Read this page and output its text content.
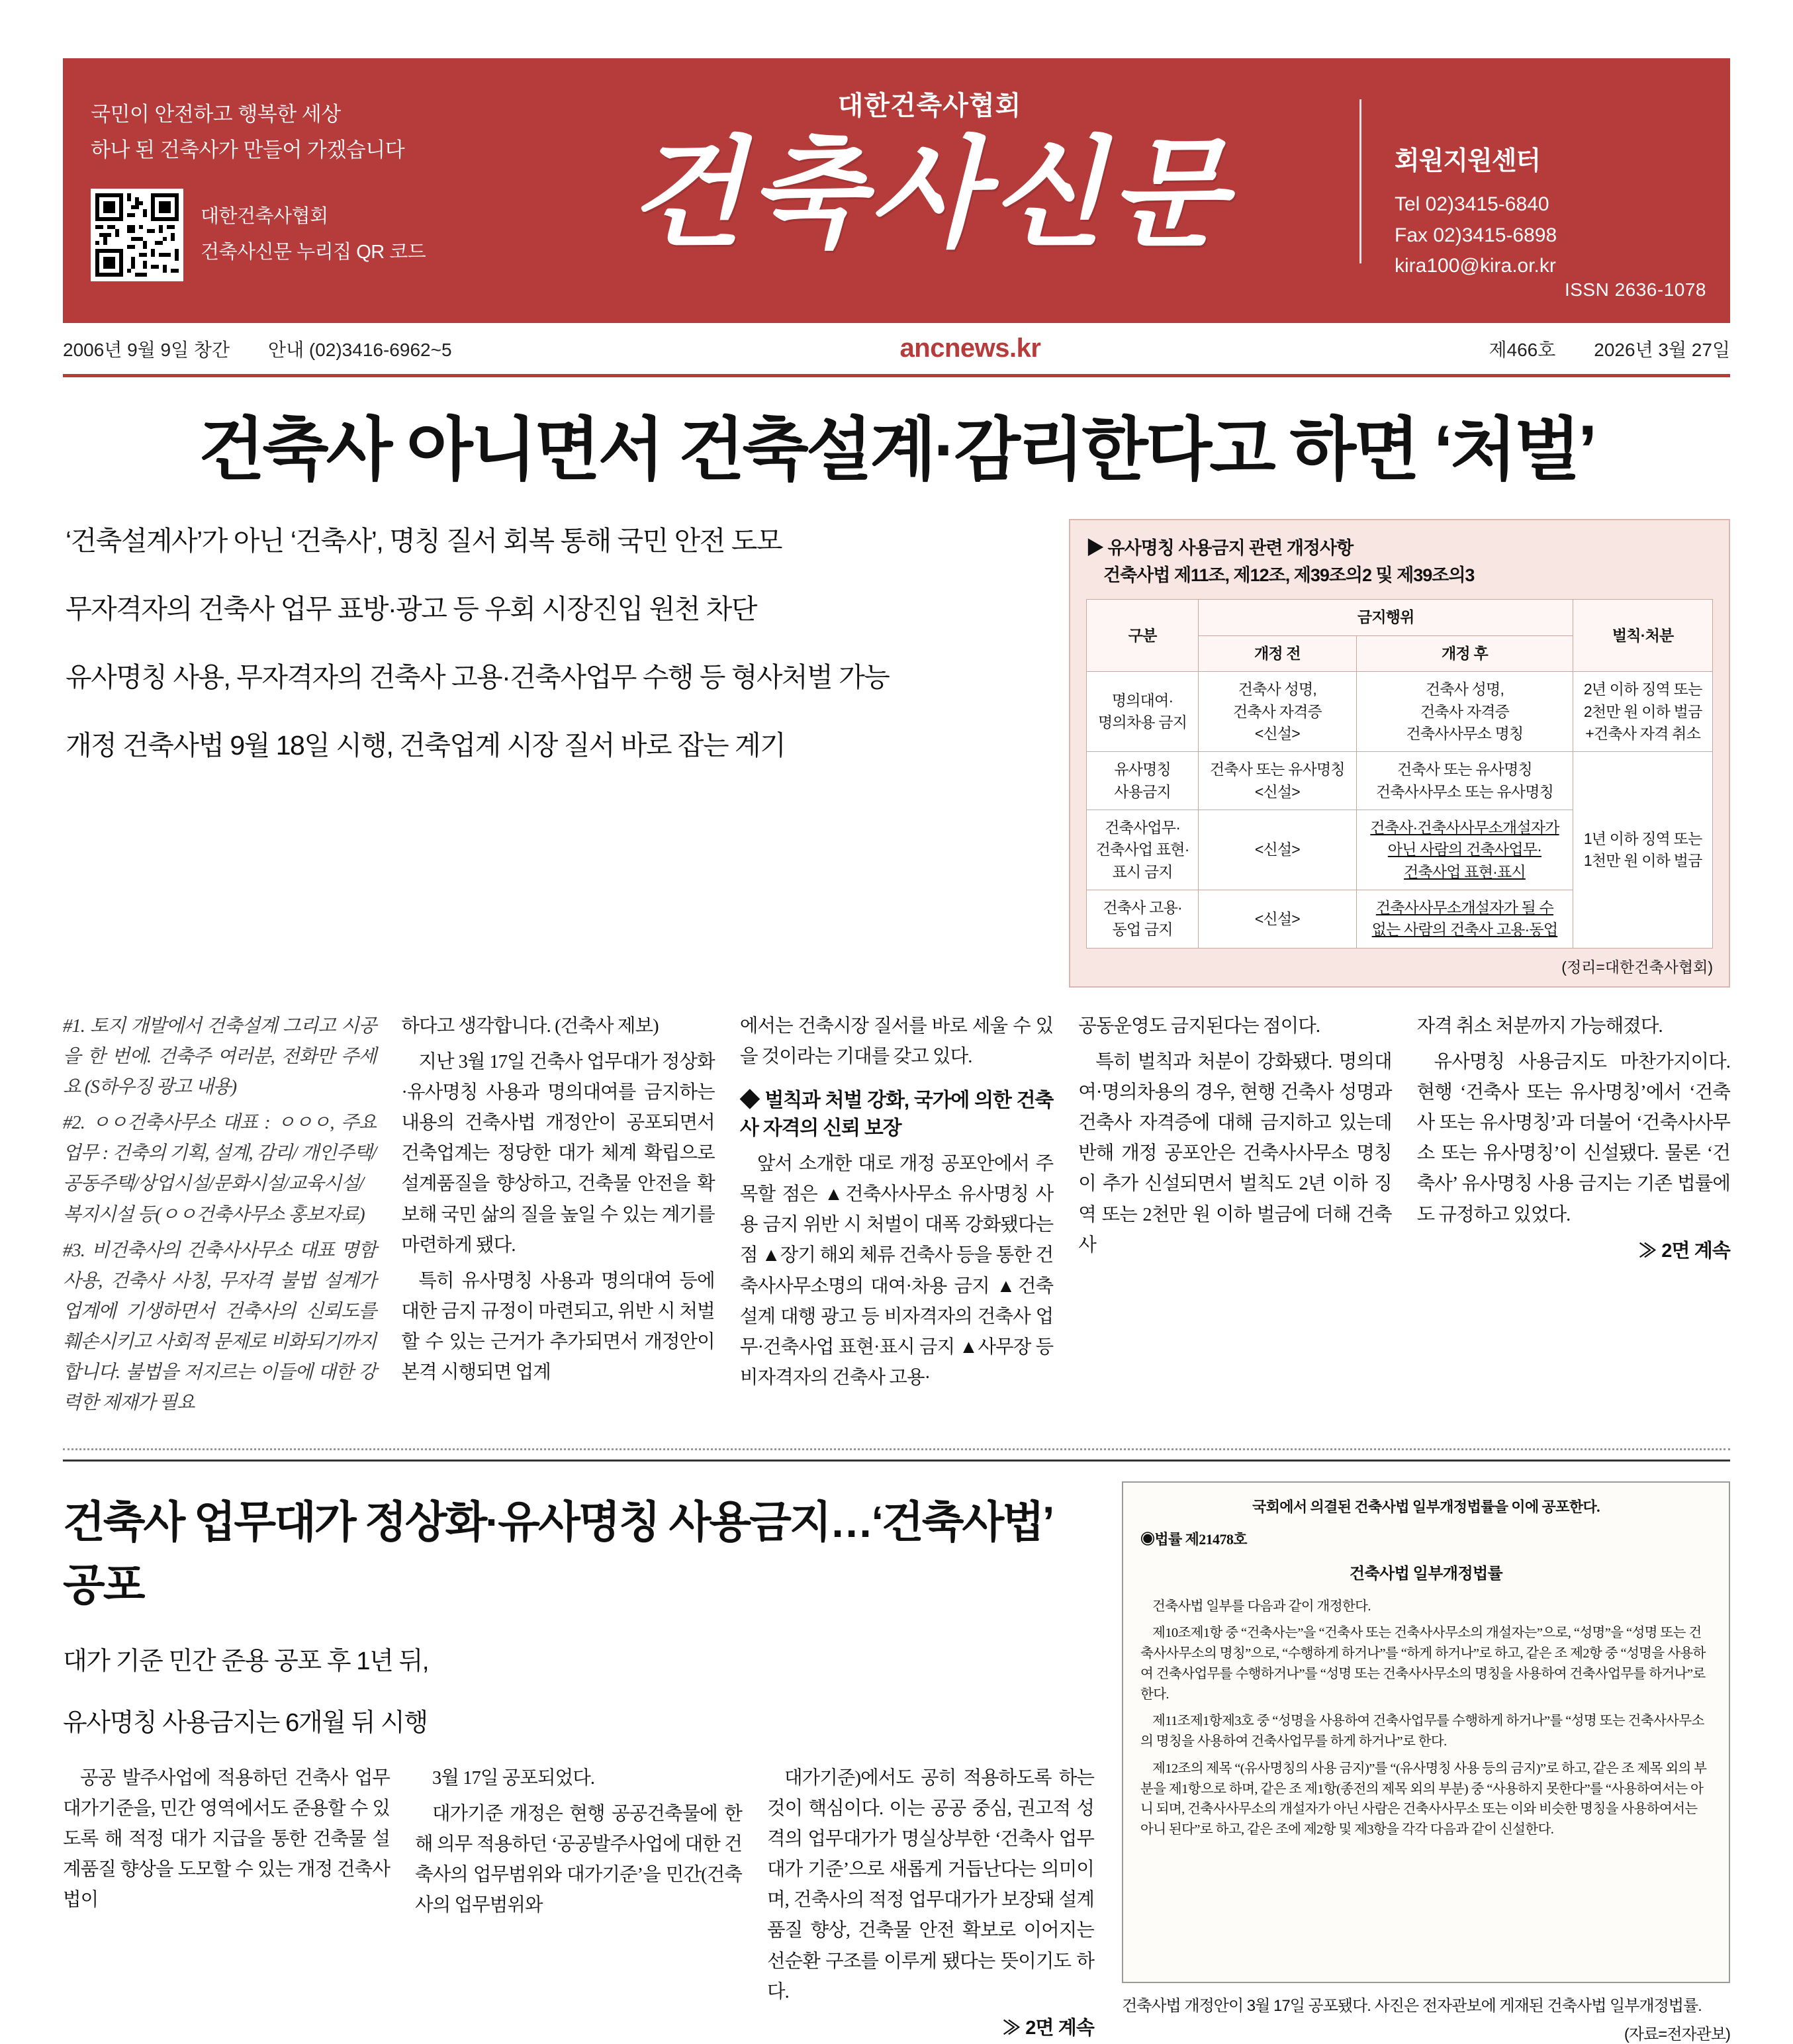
국민이 안전하고 행복한 세상
하나 된 건축사가 만들어 가겠습니다
대한건축사협회
건축사신문 누리집 QR 코드
대한건축사협회
건축사신문	회원지원센터

Tel 02)3415-6840

Fax 02)3415-6898

kira100@kira.or.kr

ISSN 2636-1078
2006년 9월 9일 창간 안내 (02)3416-6962~5	ancnews.kr	제466호 2026년 3월 27일
건축사 아니면서 건축설계·감리한다고 하면 ‘처벌’

‘건축설계사’가 아닌 ‘건축사’, 명칭 질서 회복 통해 국민 안전 도모

무자격자의 건축사 업무 표방·광고 등 우회 시장진입 원천 차단

유사명칭 사용, 무자격자의 건축사 고용·건축사업무 수행 등 형사처벌 가능

개정 건축사법 9월 18일 시행, 건축업계 시장 질서 바로 잡는 계기

▶ 유사명칭 사용금지 관련 개정사항
건축사법 제11조, 제12조, 제39조의2 및 제39조의3
구분	금지행위		벌칙·처분
	개정 전	개정 후	
명의대여·
명의차용 금지	건축사 성명,
건축사 자격증
<신설>	건축사 성명,
건축사 자격증
건축사사무소 명칭	2년 이하 징역 또는
2천만 원 이하 벌금
+건축사 자격 취소
유사명칭
사용금지	건축사 또는 유사명칭
<신설>	건축사 또는 유사명칭
건축사사무소 또는 유사명칭	1년 이하 징역 또는
1천만 원 이하 벌금
건축사업무·
건축사업 표현·
표시 금지	<신설>	건축사·건축사사무소개설자가
아닌 사람의 건축사업무·
건축사업 표현·표시	
건축사 고용·
동업 금지	<신설>	건축사사무소개설자가 될 수
없는 사람의 건축사 고용·동업	
(정리=대한건축사협회)

#1. 토지 개발에서 건축설계 그리고 시공을 한 번에. 건축주 여러분, 전화만 주세요 (S하우징 광고 내용)

#2. ㅇㅇ건축사무소 대표 : ㅇㅇㅇ, 주요 업무 : 건축의 기획, 설계, 감리/ 개인주택/ 공동주택/상업시설/문화시설/교육시설/복지시설 등(ㅇㅇ건축사무소 홍보자료)

#3. 비건축사의 건축사사무소 대표 명함 사용, 건축사 사칭, 무자격 불법 설계가 업계에 기생하면서 건축사의 신뢰도를 훼손시키고 사회적 문제로 비화되기까지 합니다. 불법을 저지르는 이들에 대한 강력한 제재가 필요

하다고 생각합니다. (건축사 제보)

지난 3월 17일 건축사 업무대가 정상화·유사명칭 사용과 명의대여를 금지하는 내용의 건축사법 개정안이 공포되면서 건축업계는 정당한 대가 체계 확립으로 설계품질을 향상하고, 건축물 안전을 확보해 국민 삶의 질을 높일 수 있는 계기를 마련하게 됐다.

특히 유사명칭 사용과 명의대여 등에 대한 금지 규정이 마련되고, 위반 시 처벌할 수 있는 근거가 추가되면서 개정안이 본격 시행되면 업계

에서는 건축시장 질서를 바로 세울 수 있을 것이라는 기대를 갖고 있다.

◆ 벌칙과 처벌 강화, 국가에 의한 건축사 자격의 신뢰 보장

앞서 소개한 대로 개정 공포안에서 주목할 점은 ▲건축사사무소 유사명칭 사용 금지 위반 시 처벌이 대폭 강화됐다는 점 ▲장기 해외 체류 건축사 등을 통한 건축사사무소명의 대여·차용 금지 ▲건축설계 대행 광고 등 비자격자의 건축사 업무·건축사업 표현·표시 금지 ▲사무장 등 비자격자의 건축사 고용·

공동운영도 금지된다는 점이다.

특히 벌칙과 처분이 강화됐다. 명의대여·명의차용의 경우, 현행 건축사 성명과 건축사 자격증에 대해 금지하고 있는데 반해 개정 공포안은 건축사사무소 명칭이 추가 신설되면서 벌칙도 2년 이하 징역 또는 2천만 원 이하 벌금에 더해 건축사

자격 취소 처분까지 가능해졌다.

유사명칭 사용금지도 마찬가지이다. 현행 ‘건축사 또는 유사명칭’에서 ‘건축사 또는 유사명칭’과 더불어 ‘건축사사무소 또는 유사명칭’이 신설됐다. 물론 ‘건축사’ 유사명칭 사용 금지는 기존 법률에도 규정하고 있었다.

≫ 2면 계속
건축사 업무대가 정상화·유사명칭 사용금지…‘건축사법’ 공포

대가 기준 민간 준용 공포 후 1년 뒤,

유사명칭 사용금지는 6개월 뒤 시행

공공 발주사업에 적용하던 건축사 업무 대가기준을, 민간 영역에서도 준용할 수 있도록 해 적정 대가 지급을 통한 건축물 설계품질 향상을 도모할 수 있는 개정 건축사법이

3월 17일 공포되었다.

대가기준 개정은 현행 공공건축물에 한해 의무 적용하던 ‘공공발주사업에 대한 건축사의 업무범위와 대가기준’을 민간(건축사의 업무범위와

대가기준)에서도 공히 적용하도록 하는 것이 핵심이다. 이는 공공 중심, 권고적 성격의 업무대가가 명실상부한 ‘건축사 업무대가 기준’으로 새롭게 거듭난다는 의미이며, 건축사의 적정 업무대가가 보장돼 설계품질 향상, 건축물 안전 확보로 이어지는 선순환 구조를 이루게 됐다는 뜻이기도 하다.

≫ 2면 계속
국회에서 의결된 건축사법 일부개정법률을 이에 공포한다.
◉법률 제21478호
건축사법 일부개정법률

건축사법 일부를 다음과 같이 개정한다.

제10조제1항 중 “건축사는”을 “건축사 또는 건축사사무소의 개설자는”으로, “성명”을 “성명 또는 건축사사무소의 명칭”으로, “수행하게 하거나”를 “하게 하거나”로 하고, 같은 조 제2항 중 “성명을 사용하여 건축사업무를 수행하거나”를 “성명 또는 건축사사무소의 명칭을 사용하여 건축사업무를 하거나”로 한다.

제11조제1항제3호 중 “성명을 사용하여 건축사업무를 수행하게 하거나”를 “성명 또는 건축사사무소의 명칭을 사용하여 건축사업무를 하게 하거나”로 한다.

제12조의 제목 “(유사명칭의 사용 금지)”를 “(유사명칭 사용 등의 금지)”로 하고, 같은 조 제목 외의 부분을 제1항으로 하며, 같은 조 제1항(종전의 제목 외의 부분) 중 “사용하지 못한다”를 “사용하여서는 아니 되며, 건축사사무소의 개설자가 아닌 사람은 건축사사무소 또는 이와 비슷한 명칭을 사용하여서는 아니 된다”로 하고, 같은 조에 제2항 및 제3항을 각각 다음과 같이 신설한다.

건축사법 개정안이 3월 17일 공포됐다. 사진은 전자관보에 게재된 건축사법 일부개정법률.
(자료=전자관보)
